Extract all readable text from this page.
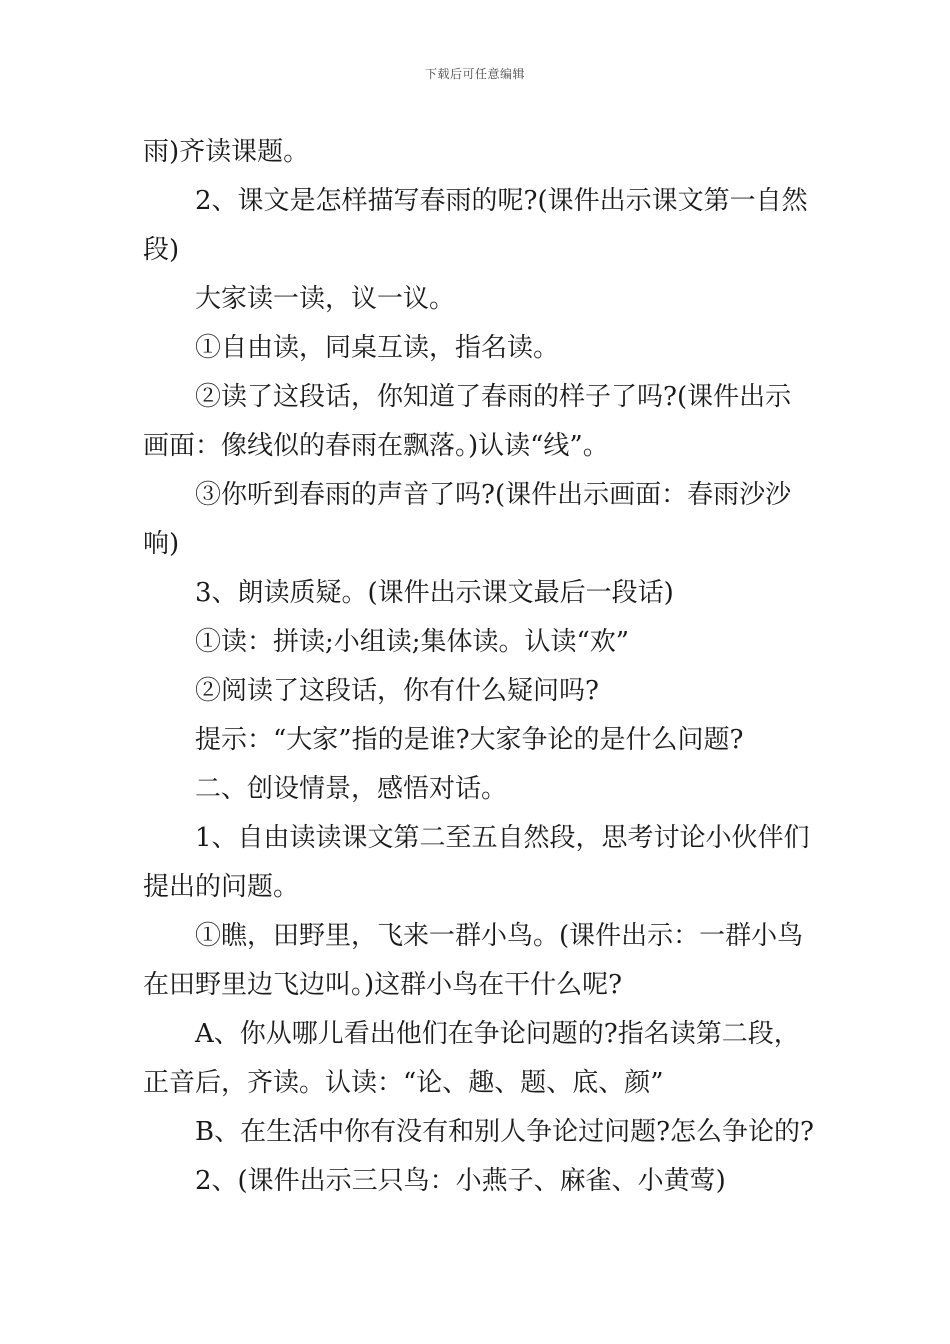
下载后可任意编辑

雨)齐读课题。

2、课文是怎样描写春雨的呢?(课件出示课文第一自然

段)

大家读一读，议一议。

①自由读，同桌互读，指名读。

②读了这段话，你知道了春雨的样子了吗?(课件出示

画面：像线似的春雨在飘落。)认读“线”。

③你听到春雨的声音了吗?(课件出示画面：春雨沙沙

响)

3、朗读质疑。(课件出示课文最后一段话)

①读：拼读;小组读;集体读。认读“欢”

②阅读了这段话，你有什么疑问吗?

提示：“大家”指的是谁?大家争论的是什么问题?

二、创设情景，感悟对话。

1、自由读读课文第二至五自然段，思考讨论小伙伴们

提出的问题。

①瞧，田野里，飞来一群小鸟。(课件出示：一群小鸟

在田野里边飞边叫。)这群小鸟在干什么呢?

A、你从哪儿看出他们在争论问题的?指名读第二段，

正音后，齐读。认读：“论、趣、题、底、颜”

B、在生活中你有没有和别人争论过问题?怎么争论的?

2、(课件出示三只鸟：小燕子、麻雀、小黄莺)
